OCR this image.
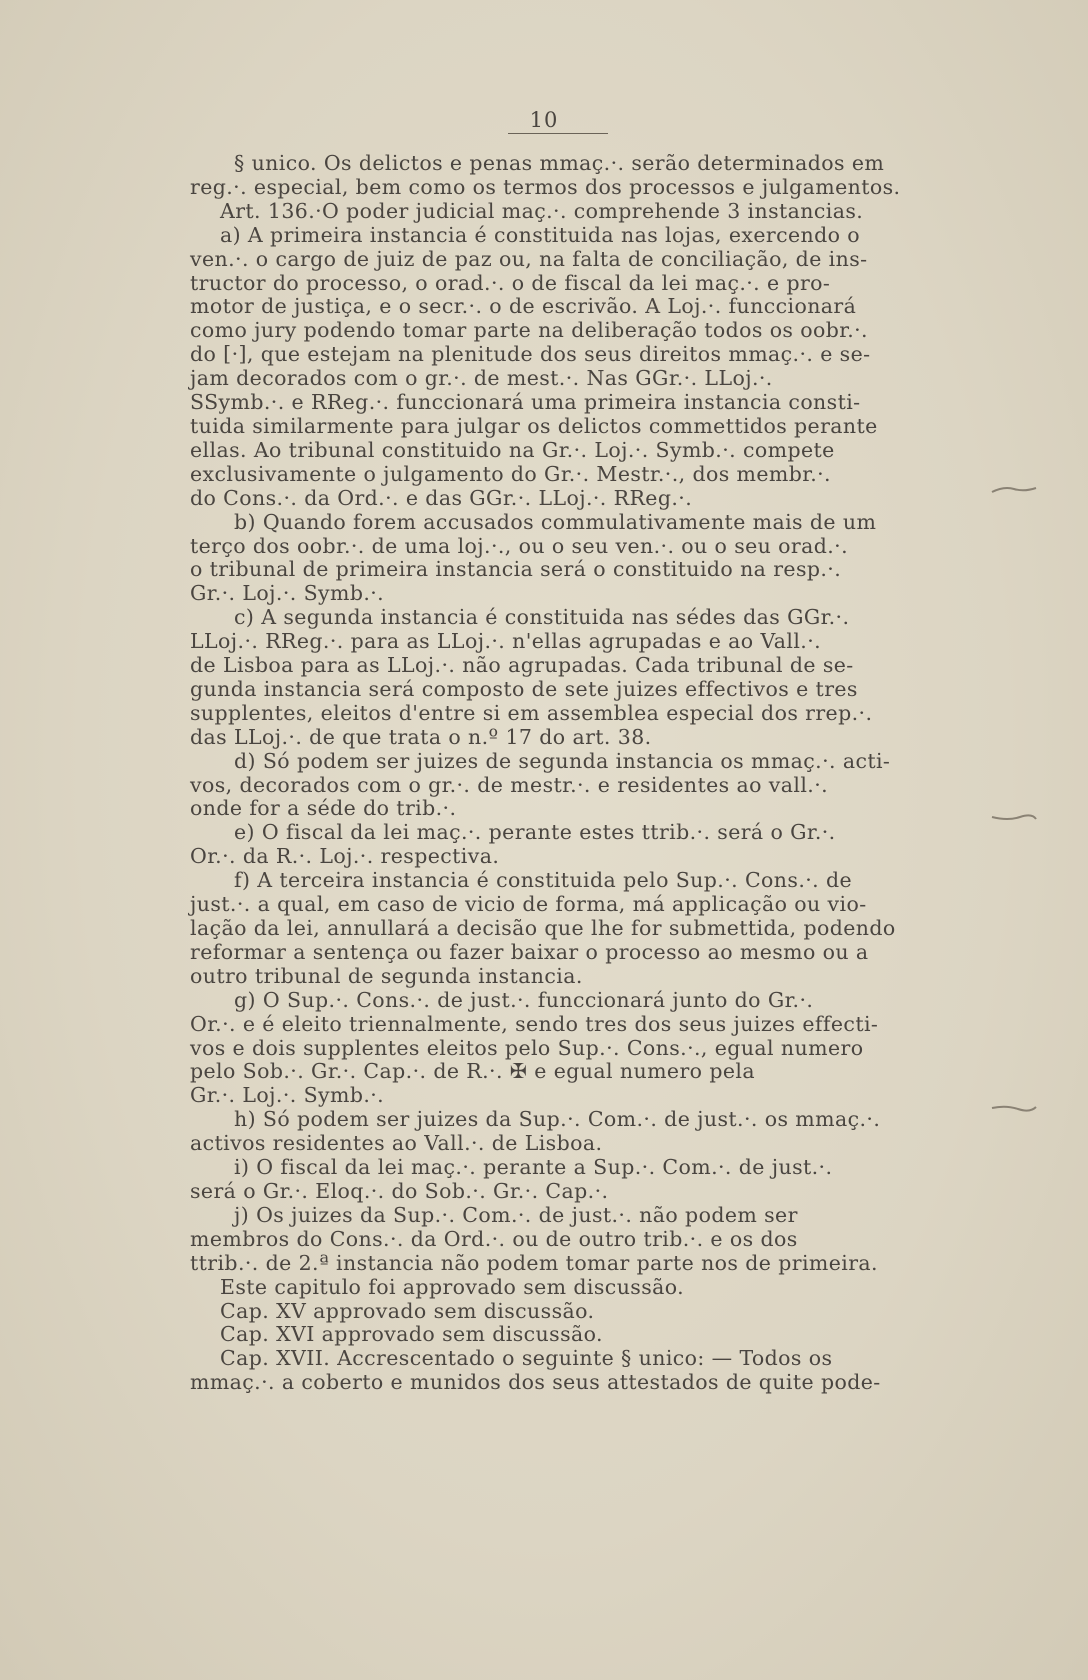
10

§ unico. Os delictos e penas mmaç.·. serão determinados em

reg.·. especial, bem como os termos dos processos e julgamentos.

Art. 136.·O poder judicial maç.·. comprehende 3 instancias.

a) A primeira instancia é constituida nas lojas, exercendo o

ven.·. o cargo de juiz de paz ou, na falta de conciliação, de ins-

tructor do processo, o orad.·. o de fiscal da lei maç.·. e pro-

motor de justiça, e o secr.·. o de escrivão. A Loj.·. funccionará

como jury podendo tomar parte na deliberação todos os oobr.·.

do [·], que estejam na plenitude dos seus direitos mmaç.·. e se-

jam decorados com o gr.·. de mest.·. Nas GGr.·. LLoj.·.

SSymb.·. e RReg.·. funccionará uma primeira instancia consti-

tuida similarmente para julgar os delictos commettidos perante

ellas. Ao tribunal constituido na Gr.·. Loj.·. Symb.·. compete

exclusivamente o julgamento do Gr.·. Mestr.·., dos membr.·.

do Cons.·. da Ord.·. e das GGr.·. LLoj.·. RReg.·.

b) Quando forem accusados commulativamente mais de um

terço dos oobr.·. de uma loj.·., ou o seu ven.·. ou o seu orad.·.

o tribunal de primeira instancia será o constituido na resp.·.

Gr.·. Loj.·. Symb.·.

c) A segunda instancia é constituida nas sédes das GGr.·.

LLoj.·. RReg.·. para as LLoj.·. n'ellas agrupadas e ao Vall.·.

de Lisboa para as LLoj.·. não agrupadas. Cada tribunal de se-

gunda instancia será composto de sete juizes effectivos e tres

supplentes, eleitos d'entre si em assemblea especial dos rrep.·.

das LLoj.·. de que trata o n.º 17 do art. 38.

d) Só podem ser juizes de segunda instancia os mmaç.·. acti-

vos, decorados com o gr.·. de mestr.·. e residentes ao vall.·.

onde for a séde do trib.·.

e) O fiscal da lei maç.·. perante estes ttrib.·. será o Gr.·.

Or.·. da R.·. Loj.·. respectiva.

f) A terceira instancia é constituida pelo Sup.·. Cons.·. de

just.·. a qual, em caso de vicio de forma, má applicação ou vio-

lação da lei, annullará a decisão que lhe for submettida, podendo

reformar a sentença ou fazer baixar o processo ao mesmo ou a

outro tribunal de segunda instancia.

g) O Sup.·. Cons.·. de just.·. funccionará junto do Gr.·.

Or.·. e é eleito triennalmente, sendo tres dos seus juizes effecti-

vos e dois supplentes eleitos pelo Sup.·. Cons.·., egual numero

pelo Sob.·. Gr.·. Cap.·. de R.·. ✠ e egual numero pela

Gr.·. Loj.·. Symb.·.

h) Só podem ser juizes da Sup.·. Com.·. de just.·. os mmaç.·.

activos residentes ao Vall.·. de Lisboa.

i) O fiscal da lei maç.·. perante a Sup.·. Com.·. de just.·.

será o Gr.·. Eloq.·. do Sob.·. Gr.·. Cap.·.

j) Os juizes da Sup.·. Com.·. de just.·. não podem ser

membros do Cons.·. da Ord.·. ou de outro trib.·. e os dos

ttrib.·. de 2.ª instancia não podem tomar parte nos de primeira.

Este capitulo foi approvado sem discussão.

Cap. XV approvado sem discussão.

Cap. XVI approvado sem discussão.

Cap. XVII. Accrescentado o seguinte § unico: — Todos os

mmaç.·. a coberto e munidos dos seus attestados de quite pode-
